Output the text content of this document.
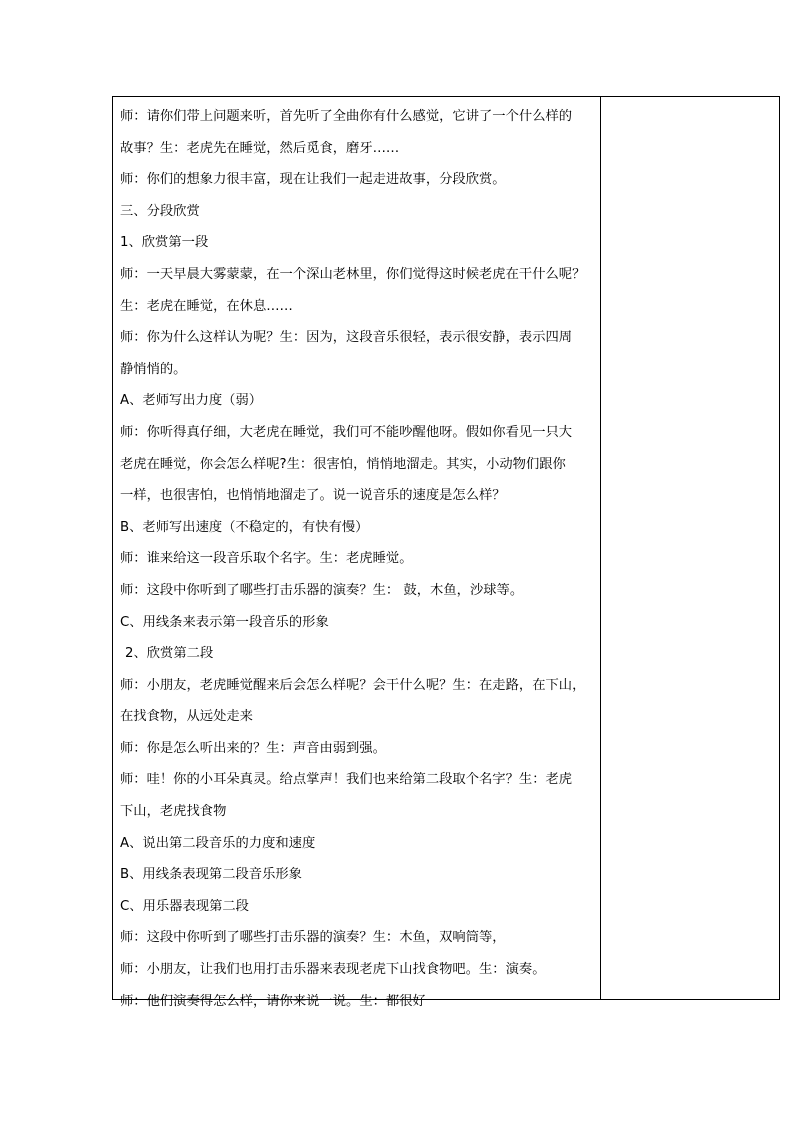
师：请你们带上问题来听，首先听了全曲你有什么感觉，它讲了一个什么样的
故事？生：老虎先在睡觉，然后觅食，磨牙……
师：你们的想象力很丰富，现在让我们一起走进故事，分段欣赏。
三、分段欣赏
1、欣赏第一段
师：一天早晨大雾蒙蒙，在一个深山老林里，你们觉得这时候老虎在干什么呢？
生：老虎在睡觉，在休息……
师：你为什么这样认为呢？生：因为，这段音乐很轻，表示很安静，表示四周
静悄悄的。
A、老师写出力度（弱）
师：你听得真仔细，大老虎在睡觉，我们可不能吵醒他呀。假如你看见一只大
老虎在睡觉，你会怎么样呢?生：很害怕，悄悄地溜走。其实，小动物们跟你
一样，也很害怕，也悄悄地溜走了。说一说音乐的速度是怎么样？
B、老师写出速度（不稳定的，有快有慢）
师：谁来给这一段音乐取个名字。生：老虎睡觉。
师：这段中你听到了哪些打击乐器的演奏？生： 鼓，木鱼，沙球等。
C、用线条来表示第一段音乐的形象
2、欣赏第二段
师：小朋友，老虎睡觉醒来后会怎么样呢？会干什么呢？生：在走路，在下山，
在找食物，从远处走来
师：你是怎么听出来的？生：声音由弱到强。
师：哇！你的小耳朵真灵。给点掌声！我们也来给第二段取个名字？生：老虎
下山，老虎找食物
A、说出第二段音乐的力度和速度
B、用线条表现第二段音乐形象
C、用乐器表现第二段
师：这段中你听到了哪些打击乐器的演奏？生：木鱼，双响筒等，
师：小朋友，让我们也用打击乐器来表现老虎下山找食物吧。生：演奏。
师：他们演奏得怎么样，请你来说一说。生：都很好
